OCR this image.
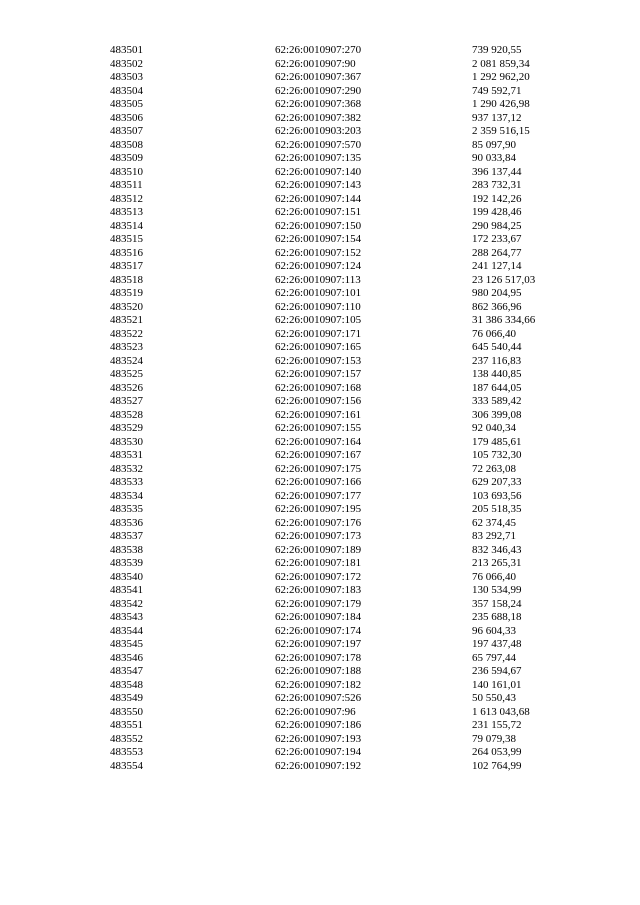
483501	62:26:0010907:270	739 920,55
483502	62:26:0010907:90	2 081 859,34
483503	62:26:0010907:367	1 292 962,20
483504	62:26:0010907:290	749 592,71
483505	62:26:0010907:368	1 290 426,98
483506	62:26:0010907:382	937 137,12
483507	62:26:0010903:203	2 359 516,15
483508	62:26:0010907:570	85 097,90
483509	62:26:0010907:135	90 033,84
483510	62:26:0010907:140	396 137,44
483511	62:26:0010907:143	283 732,31
483512	62:26:0010907:144	192 142,26
483513	62:26:0010907:151	199 428,46
483514	62:26:0010907:150	290 984,25
483515	62:26:0010907:154	172 233,67
483516	62:26:0010907:152	288 264,77
483517	62:26:0010907:124	241 127,14
483518	62:26:0010907:113	23 126 517,03
483519	62:26:0010907:101	980 204,95
483520	62:26:0010907:110	862 366,96
483521	62:26:0010907:105	31 386 334,66
483522	62:26:0010907:171	76 066,40
483523	62:26:0010907:165	645 540,44
483524	62:26:0010907:153	237 116,83
483525	62:26:0010907:157	138 440,85
483526	62:26:0010907:168	187 644,05
483527	62:26:0010907:156	333 589,42
483528	62:26:0010907:161	306 399,08
483529	62:26:0010907:155	92 040,34
483530	62:26:0010907:164	179 485,61
483531	62:26:0010907:167	105 732,30
483532	62:26:0010907:175	72 263,08
483533	62:26:0010907:166	629 207,33
483534	62:26:0010907:177	103 693,56
483535	62:26:0010907:195	205 518,35
483536	62:26:0010907:176	62 374,45
483537	62:26:0010907:173	83 292,71
483538	62:26:0010907:189	832 346,43
483539	62:26:0010907:181	213 265,31
483540	62:26:0010907:172	76 066,40
483541	62:26:0010907:183	130 534,99
483542	62:26:0010907:179	357 158,24
483543	62:26:0010907:184	235 688,18
483544	62:26:0010907:174	96 604,33
483545	62:26:0010907:197	197 437,48
483546	62:26:0010907:178	65 797,44
483547	62:26:0010907:188	236 594,67
483548	62:26:0010907:182	140 161,01
483549	62:26:0010907:526	50 550,43
483550	62:26:0010907:96	1 613 043,68
483551	62:26:0010907:186	231 155,72
483552	62:26:0010907:193	79 079,38
483553	62:26:0010907:194	264 053,99
483554	62:26:0010907:192	102 764,99
